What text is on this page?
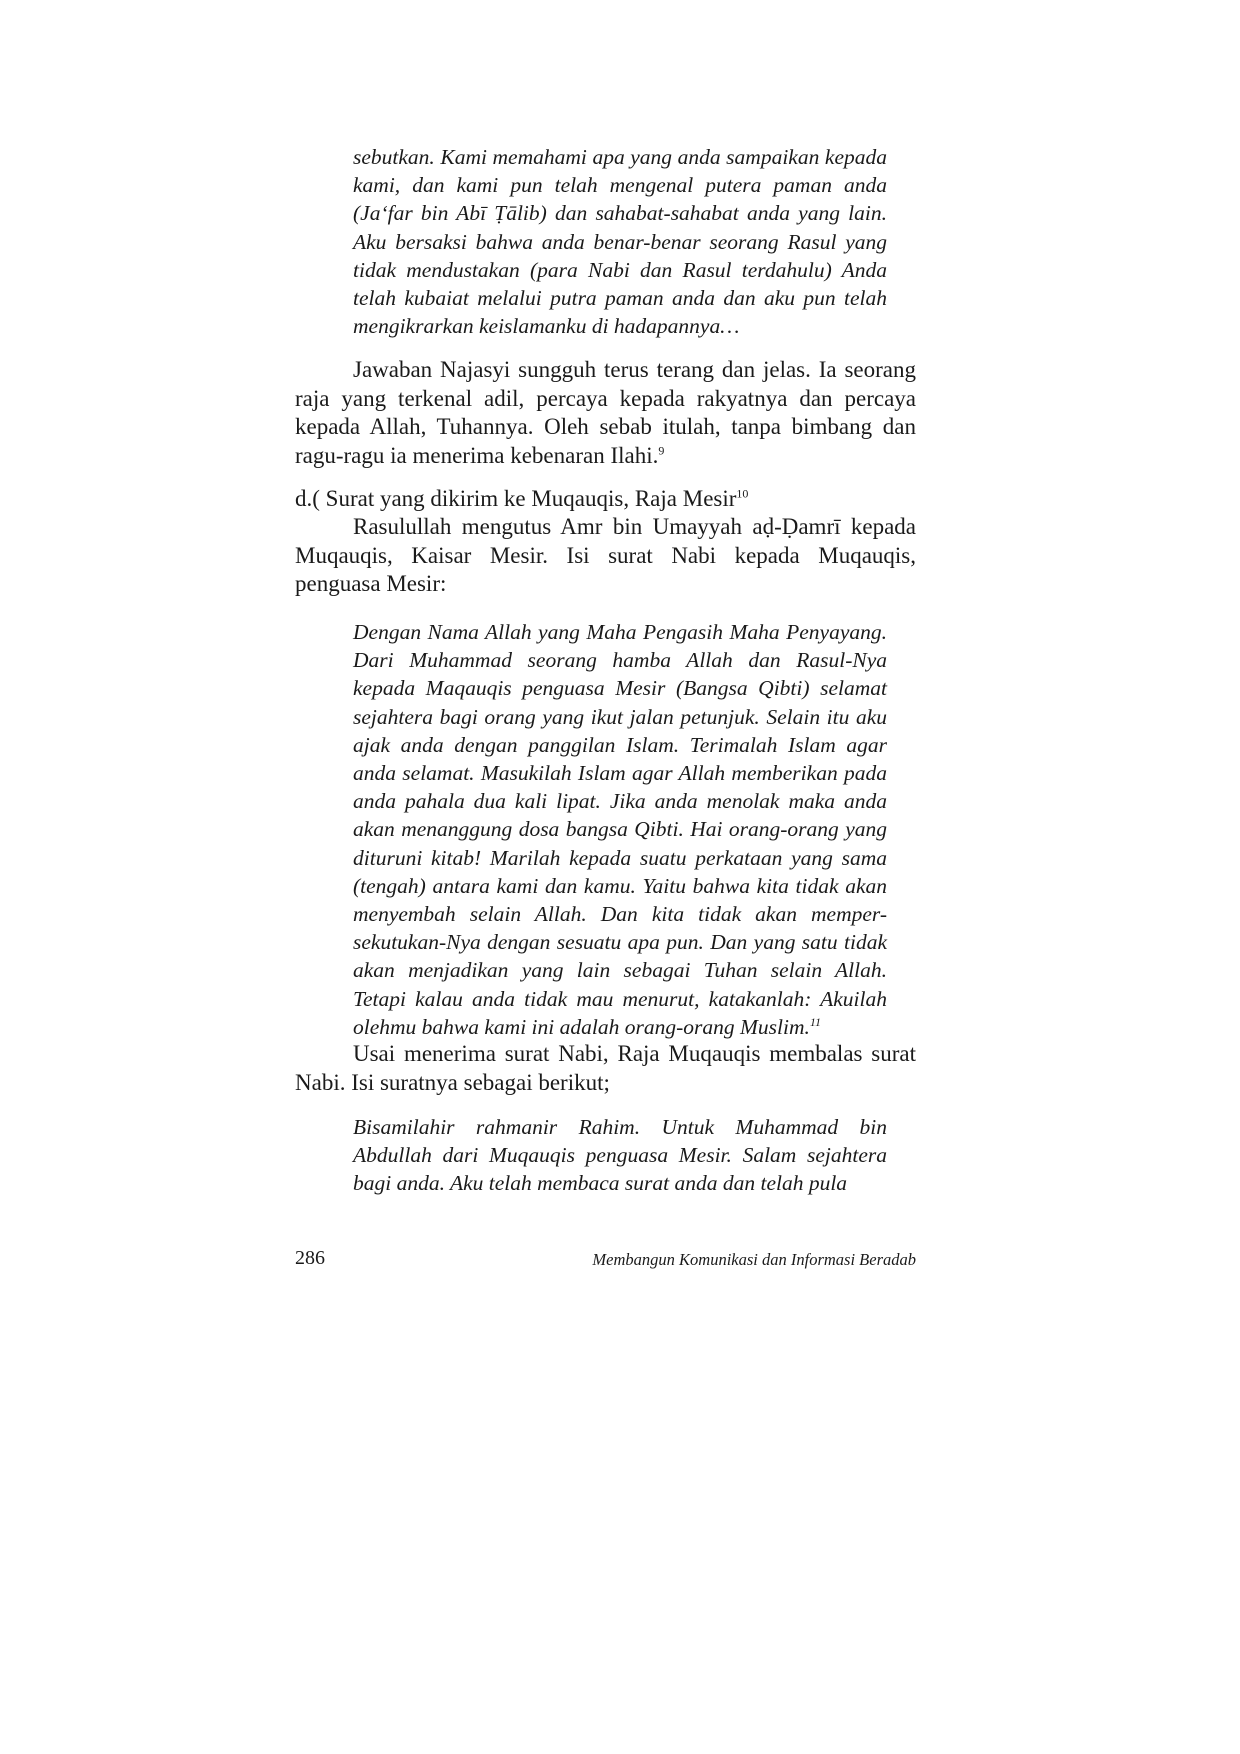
sebutkan. Kami memahami apa yang anda sampaikan kepada kami, dan kami pun telah mengenal putera paman anda (Ja‘far bin Abī Ṭālib) dan sahabat-sahabat anda yang lain. Aku bersaksi bahwa anda benar-benar seorang Rasul yang tidak mendustakan (para Nabi dan Rasul terdahulu) Anda telah kubaiat melalui putra paman anda dan aku pun telah mengikrarkan keislamanku di hadapannya…

Jawaban Najasyi sungguh terus terang dan jelas. Ia seorang raja yang terkenal adil, percaya kepada rakyatnya dan percaya kepada Allah, Tuhannya. Oleh sebab itulah, tanpa bimbang dan ragu-ragu ia menerima kebenaran Ilahi.$^9$

d.( Surat yang dikirim ke Muqauqis, Raja Mesir$^{10}$

Rasulullah mengutus Amr bin Umayyah aḍ-Ḍamrī kepada Muqauqis, Kaisar Mesir. Isi surat Nabi kepada Muqauqis, penguasa Mesir:

Dengan Nama Allah yang Maha Pengasih Maha Penyayang. Dari Muhammad seorang hamba Allah dan Rasul-Nya kepada Maqauqis penguasa Mesir (Bangsa Qibti) selamat sejahtera bagi orang yang ikut jalan petunjuk. Selain itu aku ajak anda dengan panggilan Islam. Terimalah Islam agar anda selamat. Masukilah Islam agar Allah memberikan pada anda pahala dua kali lipat. Jika anda menolak maka anda akan menanggung dosa bangsa Qibti. Hai orang-orang yang dituruni kitab! Marilah kepada suatu perkataan yang sama (tengah) antara kami dan kamu. Yaitu bahwa kita tidak akan menyembah selain Allah. Dan kita tidak akan memper-sekutukan-Nya dengan sesuatu apa pun. Dan yang satu tidak akan menjadikan yang lain sebagai Tuhan selain Allah. Tetapi kalau anda tidak mau menurut, katakanlah: Akuilah olehmu bahwa kami ini adalah orang-orang Muslim.$^{11}$

Usai menerima surat Nabi, Raja Muqauqis membalas surat Nabi. Isi suratnya sebagai berikut;

Bisamilahir rahmanir Rahim. Untuk Muhammad bin Abdullah dari Muqauqis penguasa Mesir. Salam sejahtera bagi anda. Aku telah membaca surat anda dan telah pula

286	Membangun Komunikasi dan Informasi Beradab
